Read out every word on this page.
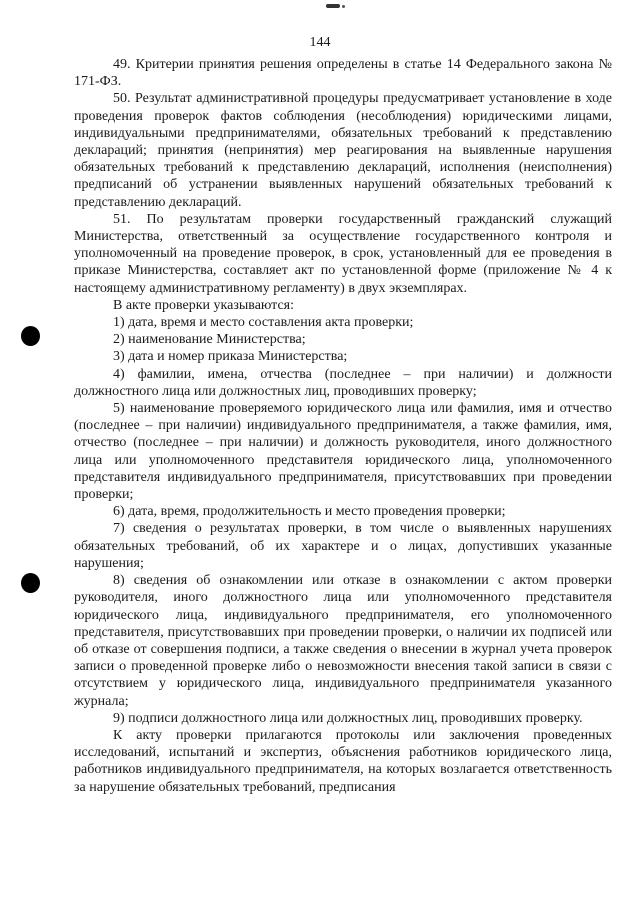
144

49. Критерии принятия решения определены в статье 14 Федерального закона № 171-ФЗ.

50. Результат административной процедуры предусматривает установление в ходе проведения проверок фактов соблюдения (несоблюдения) юридическими лицами, индивидуальными предпринимателями, обязательных требований к представлению деклараций; принятия (непринятия) мер реагирования на выявленные нарушения обязательных требований к представлению деклараций, исполнения (неисполнения) предписаний об устранении выявленных нарушений обязательных требований к представлению деклараций.

51. По результатам проверки государственный гражданский служащий Министерства, ответственный за осуществление государственного контроля и уполномоченный на проведение проверок, в срок, установленный для ее проведения в приказе Министерства, составляет акт по установленной форме (приложение № 4 к настоящему административному регламенту) в двух экземплярах.

В акте проверки указываются:

1) дата, время и место составления акта проверки;

2) наименование Министерства;

3) дата и номер приказа Министерства;

4) фамилии, имена, отчества (последнее – при наличии) и должности должностного лица или должностных лиц, проводивших проверку;

5) наименование проверяемого юридического лица или фамилия, имя и отчество (последнее – при наличии) индивидуального предпринимателя, а также фамилия, имя, отчество (последнее – при наличии) и должность руководителя, иного должностного лица или уполномоченного представителя юридического лица, уполномоченного представителя индивидуального предпринимателя, присутствовавших при проведении проверки;

6) дата, время, продолжительность и место проведения проверки;

7) сведения о результатах проверки, в том числе о выявленных нарушениях обязательных требований, об их характере и о лицах, допустивших указанные нарушения;

8) сведения об ознакомлении или отказе в ознакомлении с актом проверки руководителя, иного должностного лица или уполномоченного представителя юридического лица, индивидуального предпринимателя, его уполномоченного представителя, присутствовавших при проведении проверки, о наличии их подписей или об отказе от совершения подписи, а также сведения о внесении в журнал учета проверок записи о проведенной проверке либо о невозможности внесения такой записи в связи с отсутствием у юридического лица, индивидуального предпринимателя указанного журнала;

9) подписи должностного лица или должностных лиц, проводивших проверку.

К акту проверки прилагаются протоколы или заключения проведенных исследований, испытаний и экспертиз, объяснения работников юридического лица, работников индивидуального предпринимателя, на которых возлагается ответственность за нарушение обязательных требований, предписания
